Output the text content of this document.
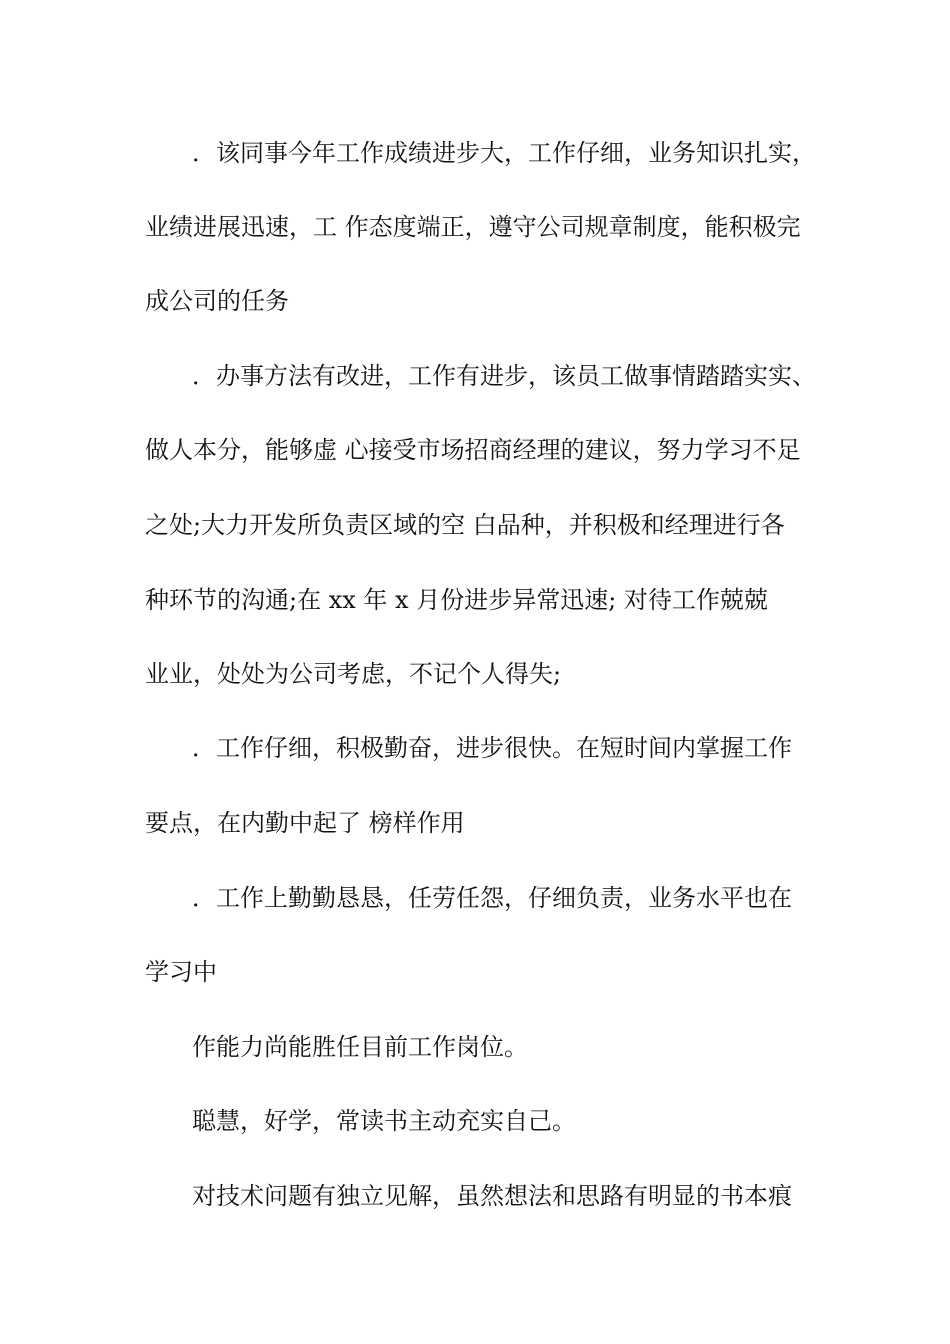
．该同事今年工作成绩进步大，工作仔细，业务知识扎实，
业绩进展迅速，工 作态度端正，遵守公司规章制度，能积极完
成公司的任务
．办事方法有改进，工作有进步，该员工做事情踏踏实实、
做人本分，能够虚 心接受市场招商经理的建议，努力学习不足
之处;大力开发所负责区域的空 白品种，并积极和经理进行各
种环节的沟通;在 xx 年 x 月份进步异常迅速; 对待工作兢兢
业业，处处为公司考虑，不记个人得失;
．工作仔细，积极勤奋，进步很快。在短时间内掌握工作
要点，在内勤中起了 榜样作用
．工作上勤勤恳恳，任劳任怨，仔细负责，业务水平也在
学习中
作能力尚能胜任目前工作岗位。
聪慧，好学，常读书主动充实自己。
对技术问题有独立见解，虽然想法和思路有明显的书本痕
